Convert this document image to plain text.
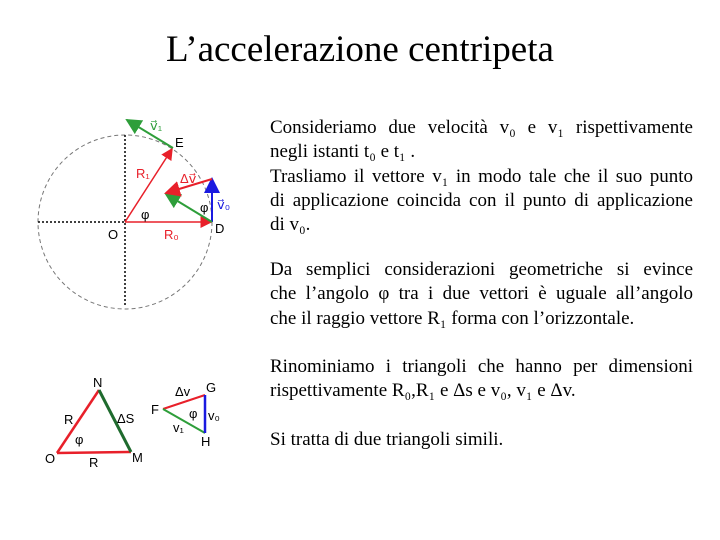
L’accelerazione centripeta
Consideriamo due velocità v₀ e v₁ rispettivamente
negli istanti t₀ e t₁ .
Trasliamo il vettore v₁ in modo tale che il suo punto
di applicazione coincida con il punto di applicazione
di v₀.
Da semplici considerazioni geometriche si evince
che l’angolo φ tra i due vettori è uguale all’angolo
che il raggio vettore R₁ forma con l’orizzontale.
Rinominiamo i triangoli che hanno per dimensioni
rispettivamente R₀,R₁ e Δs e v₀, v₁ e Δv.
Si tratta di due triangoli simili.
v⃗₁
E
R₁ Δv⃗
v⃗₀
φ	φ
O	R₀	D
N
R	ΔS
φ
O	R	M
Δv G
F φ v₀
v₁
H
